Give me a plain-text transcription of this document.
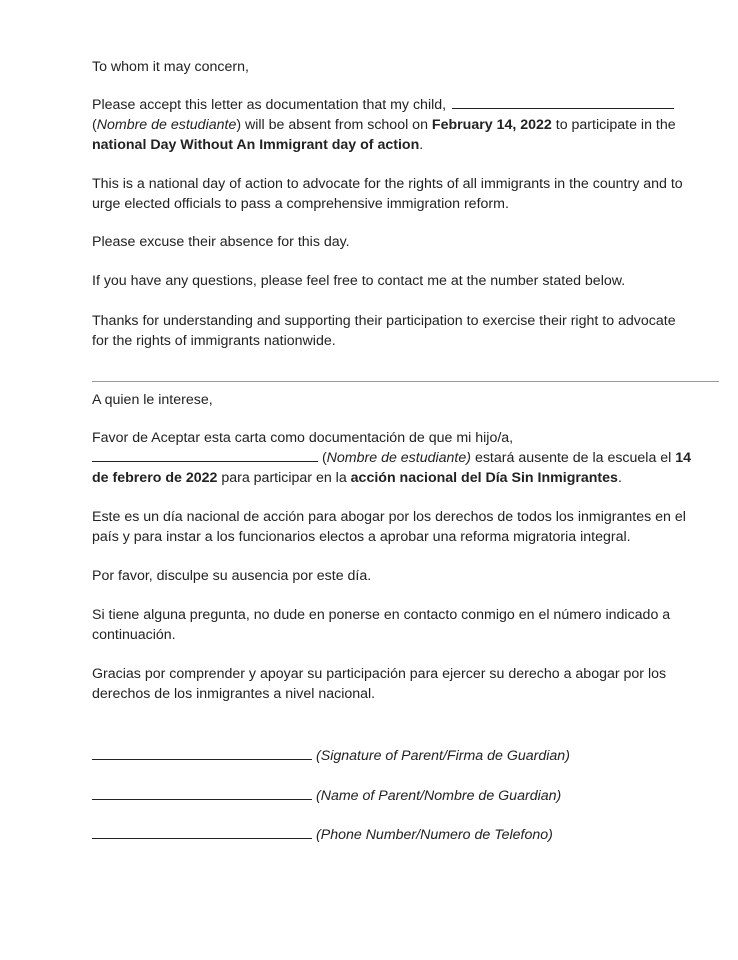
To whom it may concern,

Please accept this letter as documentation that my child,
(Nombre de estudiante) will be absent from school on February 14, 2022 to participate in the
national Day Without An Immigrant day of action.

This is a national day of action to advocate for the rights of all immigrants in the country and to
urge elected officials to pass a comprehensive immigration reform.

Please excuse their absence for this day.

If you have any questions, please feel free to contact me at the number stated below.

Thanks for understanding and supporting their participation to exercise their right to advocate
for the rights of immigrants nationwide.

A quien le interese,

Favor de Aceptar esta carta como documentación de que mi hijo/a,
(Nombre de estudiante) estará ausente de la escuela el 14
de febrero de 2022 para participar en la acción nacional del Día Sin Inmigrantes.

Este es un día nacional de acción para abogar por los derechos de todos los inmigrantes en el
país y para instar a los funcionarios electos a aprobar una reforma migratoria integral.

Por favor, disculpe su ausencia por este día.

Si tiene alguna pregunta, no dude en ponerse en contacto conmigo en el número indicado a
continuación.

Gracias por comprender y apoyar su participación para ejercer su derecho a abogar por los
derechos de los inmigrantes a nivel nacional.

(Signature of Parent/Firma de Guardian)
(Name of Parent/Nombre de Guardian)
(Phone Number/Numero de Telefono)
